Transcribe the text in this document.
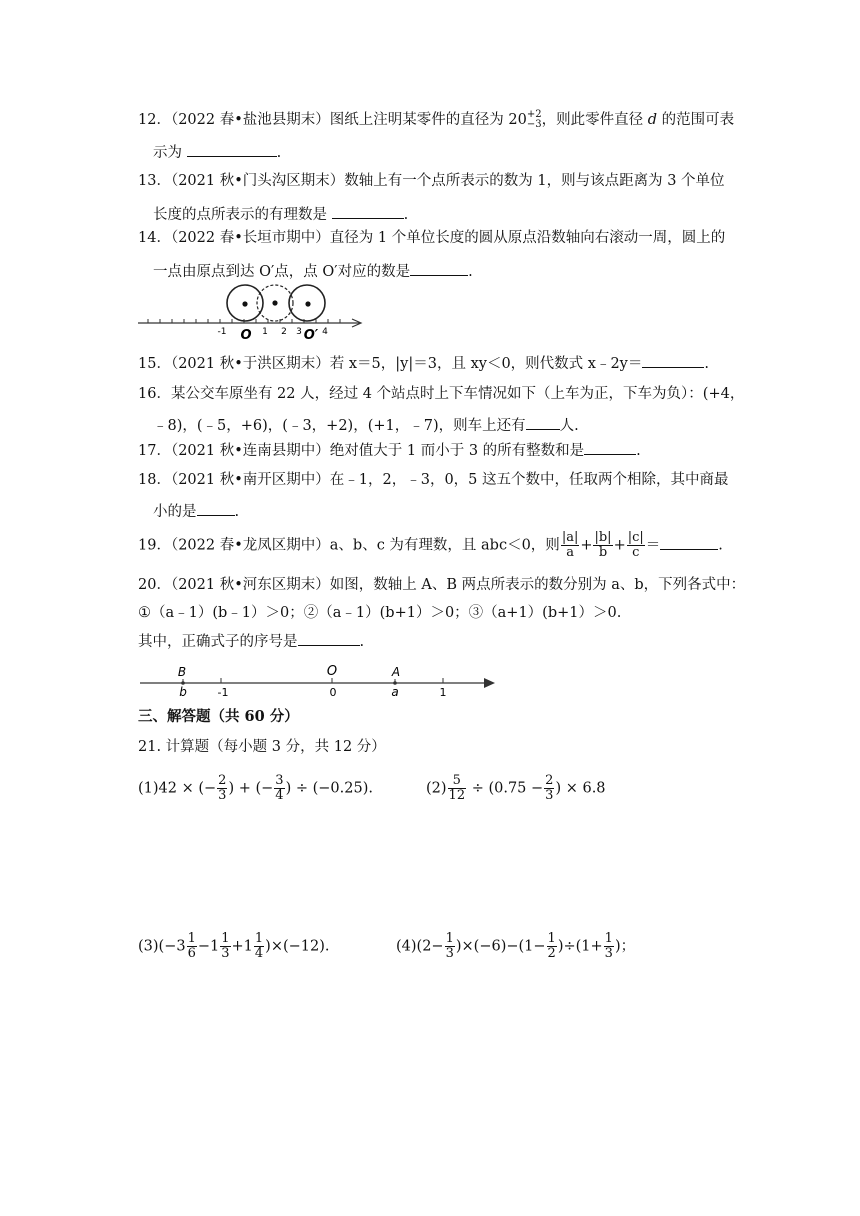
12．（2022 春•盐池县期末）图纸上注明某零件的直径为 20 +2
−3 ，则此零件直径 d 的范围可表
示为	.
13．（2021 秋•门头沟区期末）数轴上有一个点所表示的数为 1，则与该点距离为 3 个单位
长度的点所表示的有理数是	.
14．（2022 春•长垣市期中）直径为 1 个单位长度的圆从原点沿数轴向右滚动一周，圆上的
一点由原点到达 O′点，点 O′对应的数是	.
-1 O 1 2 3 O′ 4
15．（2021 秋•于洪区期末）若 x＝5，|y|＝3，且 xy＜0，则代数式 x﹣2y＝	.
16．某公交车原坐有 22 人，经过 4 个站点时上下车情况如下（上车为正，下车为负）：(+4，
﹣8)，(﹣5，+6)，(﹣3，+2)，(+1，﹣7)，则车上还有 人.
17．（2021 秋•连南县期中）绝对值大于 1 而小于 3 的所有整数和是	.
18．（2021 秋•南开区期中）在﹣1，2，﹣3，0，5 这五个数中，任取两个相除，其中商最
小的是	.
19．（2022 春•龙凤区期中）a、b、c 为有理数，且 abc＜0，则 $\frac{|a|}{a} + \frac{|b|}{b} + \frac{|c|}{c}$ ＝	.
20．（2021 秋•河东区期末）如图，数轴上 A、B 两点所表示的数分别为 a、b，下列各式中：
①（a﹣1）(b﹣1）＞0；②（a﹣1）(b+1）＞0；③（a+1）(b+1）＞0.
其中，正确式子的序号是	.
B
b	-1
O
0
A
a	1
三、解答题（共 60 分）
21. 计算题（每小题 3 分，共 12 分）
(1)42 × (− $\frac{2}{3}$ ) + (− $\frac{3}{4}$ ) ÷ (−0.25).	$(2) \frac{5}{12} \div (0.75 - \frac{2}{3}$ ) × 6.8
$(3)(-3 \frac{1}{6} -1 \frac{1}{3} +1 \frac{1}{4} )\times(-12)$.	$(4)(2- \frac{1}{3} )\times(-6)-(1- \frac{1}{2} )\div(1+ \frac{1}{3}$ )；
